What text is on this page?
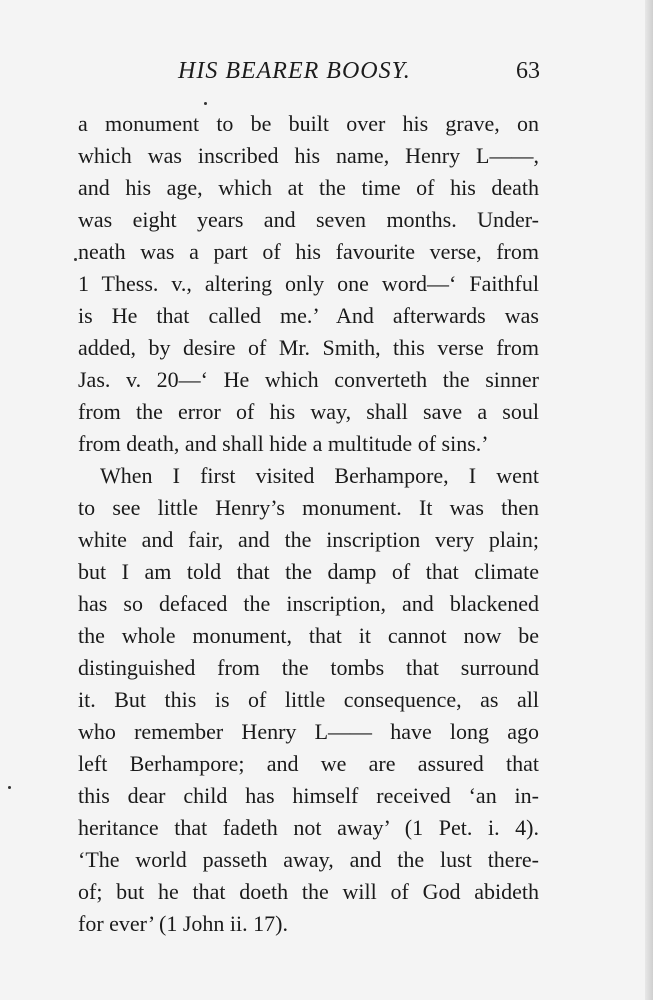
HIS BEARER BOOSY.	63
a monument to be built over his grave, on
which was inscribed his name, Henry L——,
and his age, which at the time of his death
was eight years and seven months. Under-
neath was a part of his favourite verse, from
1 Thess. v., altering only one word—‘ Faithful
is He that called me.’ And afterwards was
added, by desire of Mr. Smith, this verse from
Jas. v. 20—‘ He which converteth the sinner
from the error of his way, shall save a soul
from death, and shall hide a multitude of sins.’
When I first visited Berhampore, I went
to see little Henry’s monument. It was then
white and fair, and the inscription very plain;
but I am told that the damp of that climate
has so defaced the inscription, and blackened
the whole monument, that it cannot now be
distinguished from the tombs that surround
it. But this is of little consequence, as all
who remember Henry L—— have long ago
left Berhampore; and we are assured that
this dear child has himself received ‘an in-
heritance that fadeth not away’ (1 Pet. i. 4).
‘The world passeth away, and the lust there-
of; but he that doeth the will of God abideth
for ever’ (1 John ii. 17).
